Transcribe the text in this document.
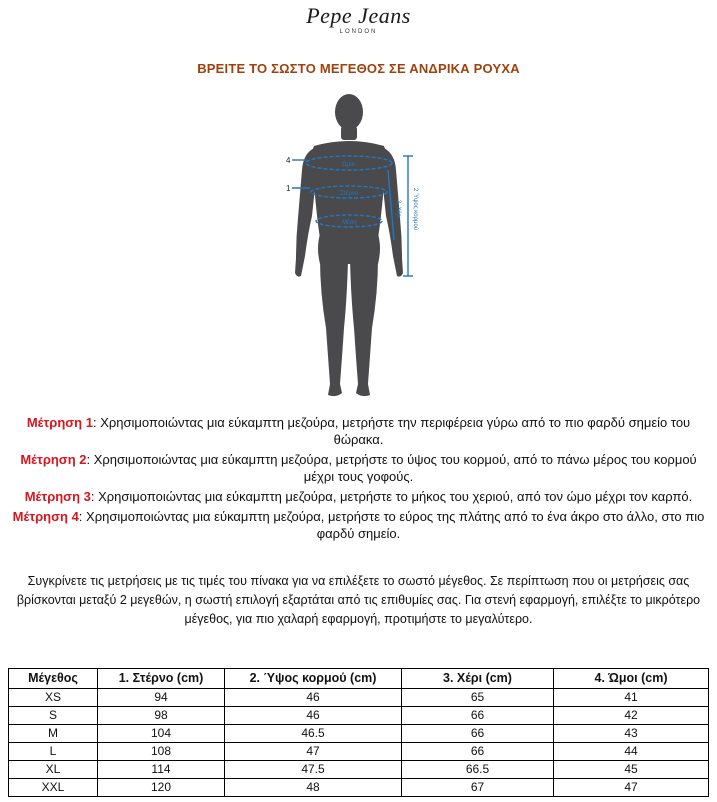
Pepe Jeans
LONDON
ΒΡΕΙΤΕ ΤΟ ΣΩΣΤΟ ΜΕΓΕΘΟΣ ΣΕ ΑΝΔΡΙΚΑ ΡΟΥΧΑ
4
1
Ώμοι
Στέρνο
Μέση	2 Ύψος κορμού
3. Χέρι
Μέτρηση 1: Χρησιμοποιώντας μια εύκαμπτη μεζούρα, μετρήστε την περιφέρεια γύρω από το πιο φαρδύ σημείο του θώρακα.
Μέτρηση 2: Χρησιμοποιώντας μια εύκαμπτη μεζούρα, μετρήστε το ύψος του κορμού, από το πάνω μέρος του κορμού μέχρι τους γοφούς.
Μέτρηση 3: Χρησιμοποιώντας μια εύκαμπτη μεζούρα, μετρήστε το μήκος του χεριού, από τον ώμο μέχρι τον καρπό.
Μέτρηση 4: Χρησιμοποιώντας μια εύκαμπτη μεζούρα, μετρήστε το εύρος της πλάτης από το ένα άκρο στο άλλο, στο πιο φαρδύ σημείο.
Συγκρίνετε τις μετρήσεις με τις τιμές του πίνακα για να επιλέξετε το σωστό μέγεθος. Σε περίπτωση που οι μετρήσεις σας βρίσκονται μεταξύ 2 μεγεθών, η σωστή επιλογή εξαρτάται από τις επιθυμίες σας. Για στενή εφαρμογή, επιλέξτε το μικρότερο μέγεθος, για πιο χαλαρή εφαρμογή, προτιμήστε το μεγαλύτερο.
Μέγεθος	1. Στέρνο (cm)	2. Ύψος κορμού (cm)	3. Χέρι (cm)	4. Ώμοι (cm)
XS	94	46	65	41
S	98	46	66	42
M	104	46.5	66	43
L	108	47	66	44
XL	114	47.5	66.5	45
XXL	120	48	67	47
